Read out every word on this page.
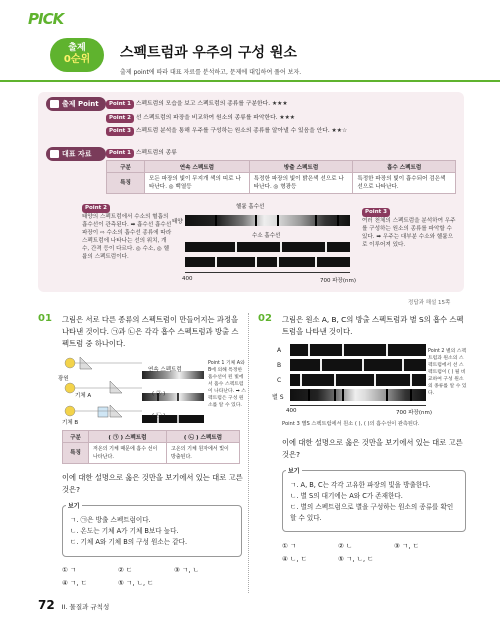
PICK
출제
0순위	스펙트럼과 우주의 구성 원소
출제 point에 따라 대표 자료를 분석하고, 문제에 대입하여 풀어 보자.
출제 Point	Point 1 스펙트럼의 모습을 보고 스펙트럼의 종류를 구분한다. ★★★
Point 2 선 스펙트럼의 파장을 비교하여 원소의 종류를 파악한다. ★★★
Point 3 스펙트럼 분석을 통해 우주를 구성하는 원소의 종류를 알아낼 수 있음을 안다. ★★☆
대표 자료	Point 1 스펙트럼의 종류
구분	연속 스펙트럼	방출 스펙트럼	흡수 스펙트럼
특징	모든 파장의 빛이 무지개 색의 띠로 나타난다. ◎ 백열등	특정한 파장의 빛이 밝은색 선으로 나타난다. ◎ 형광등	특정한 파장의 빛이 흡수되어 검은색 선으로 나타난다.
Point 2
태양의 스펙트럼에서 수소의 혈흡의 흡수선이 관측된다. ➡ 흡수선 흡수선 파장이 ⇨ 수소의 흡수선 종류에 따라 스펙트럼에 나타나는 선의 위치, 개수, 간격 등이 다르다. ◎ 수소, ◎ 헬륨의 스펙트럼이다.
Point 3
여러 천체의 스펙트럼을 분석하여 우주를 구성하는 원소의 종류를 파악할 수 있다. ➡ 우주는 대부분 수소와 헬륨으로 이루어져 있다.
헬륨 흡수선
태양
수소 흡수선
400	700 파장(nm)
정답과 해설 15쪽
01 그림은 서로 다른 종류의 스펙트럼이 만들어지는 과정을 나타낸 것이다. ㉠과 ㉡은 각각 흡수 스펙트럼과 방출 스펙트럼 중 하나이다.
광원
기체 A
기체 B
연속 스펙트럼
( ㉠ )
( ㉡ )
Point 1 기체 A와 B에 의해 특정한 흡수선이 된 빛에서 흡수 스펙트럼이 나타난다. ➡ 스펙트럼은 구성 원소를 알 수 있다.
구분	( ㉠ ) 스펙트럼	( ㉡ ) 스펙트럼
특징	저온의 기체 때문에 흡수 선이 나타난다.	고온의 기체 원자에서 빛이 방출된다.
이에 대한 설명으로 옳은 것만을 보기에서 있는 대로 고른 것은?
ㄱ. ㉠은 방출 스펙트럼이다.
ㄴ. 온도는 기체 A가 기체 B보다 높다.
ㄷ. 기체 A와 기체 B의 구성 원소는 같다.
보기
① ㄱ	② ㄷ	③ ㄱ, ㄴ
④ ㄱ, ㄷ	⑤ ㄱ, ㄴ, ㄷ
02 그림은 원소 A, B, C의 방출 스펙트럼과 별 S의 흡수 스펙트럼을 나타낸 것이다.
A
B
C
별 S
400	700 파장(nm)
Point 2 별의 스펙트럼과 원소의 스펙트럼에서 선 스펙트럼이 ( ) 될 비교하여 구성 원소의 종류를 알 수 있다.
Point 3 별S 스펙트럼에서 원소 ( ), ( )의 흡수선이 관측된다.
이에 대한 설명으로 옳은 것만을 보기에서 있는 대로 고른 것은?
ㄱ. A, B, C는 각각 고유한 파장의 빛을 방출한다.
ㄴ. 별 S의 대기에는 A와 C가 존재한다.
ㄷ. 별의 스펙트럼으로 별을 구성하는 원소의 종류를 확인할 수 있다.
보기
① ㄱ	② ㄴ	③ ㄱ, ㄷ
④ ㄴ, ㄷ	⑤ ㄱ, ㄴ, ㄷ
72 II. 물질과 규칙성
